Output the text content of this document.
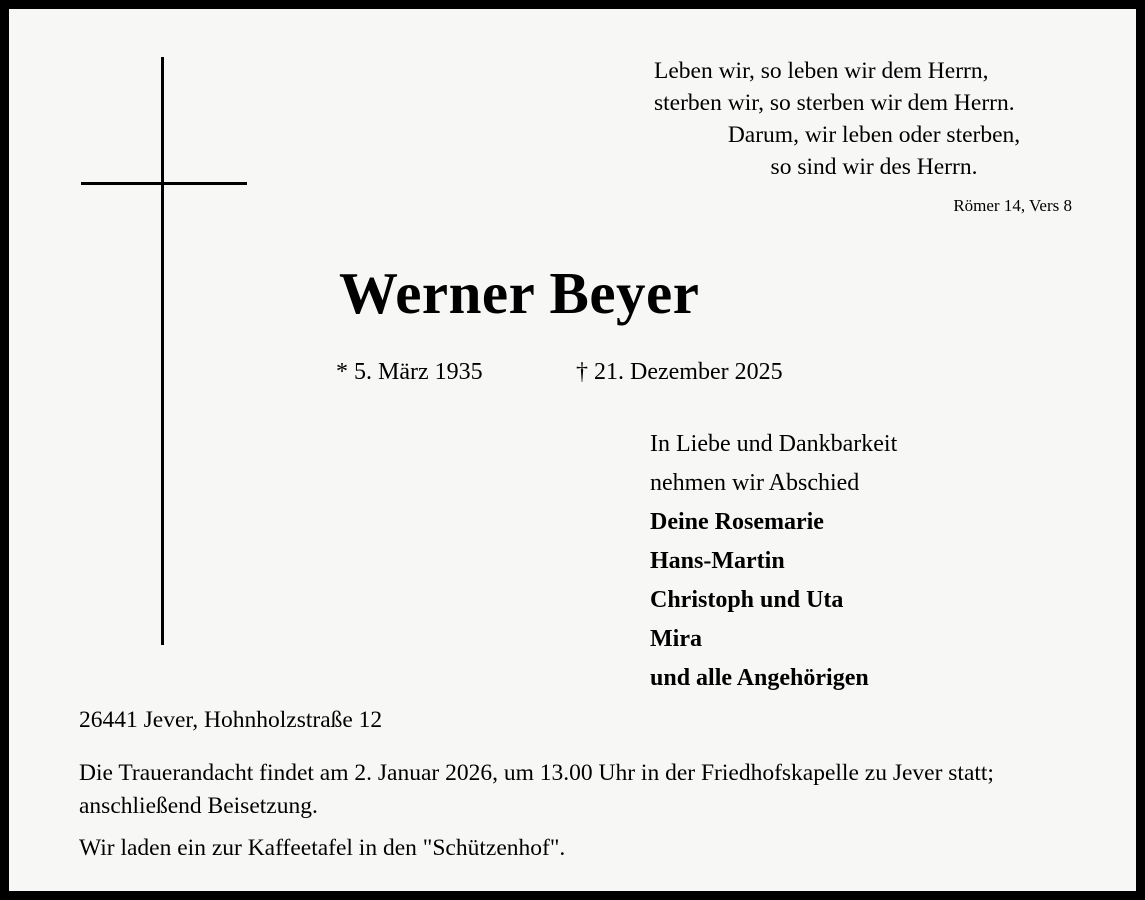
Leben wir, so leben wir dem Herrn,
sterben wir, so sterben wir dem Herrn.
Darum, wir leben oder sterben,
so sind wir des Herrn.
Römer 14, Vers 8
Werner Beyer
* 5. März 1935	† 21. Dezember 2025
In Liebe und Dankbarkeit
nehmen wir Abschied
Deine Rosemarie
Hans-Martin
Christoph und Uta
Mira
und alle Angehörigen
26441 Jever, Hohnholzstraße 12
Die Trauerandacht findet am 2. Januar 2026, um 13.00 Uhr in der Friedhofskapelle zu Jever statt; anschließend Beisetzung.
Wir laden ein zur Kaffeetafel in den "Schützenhof".
